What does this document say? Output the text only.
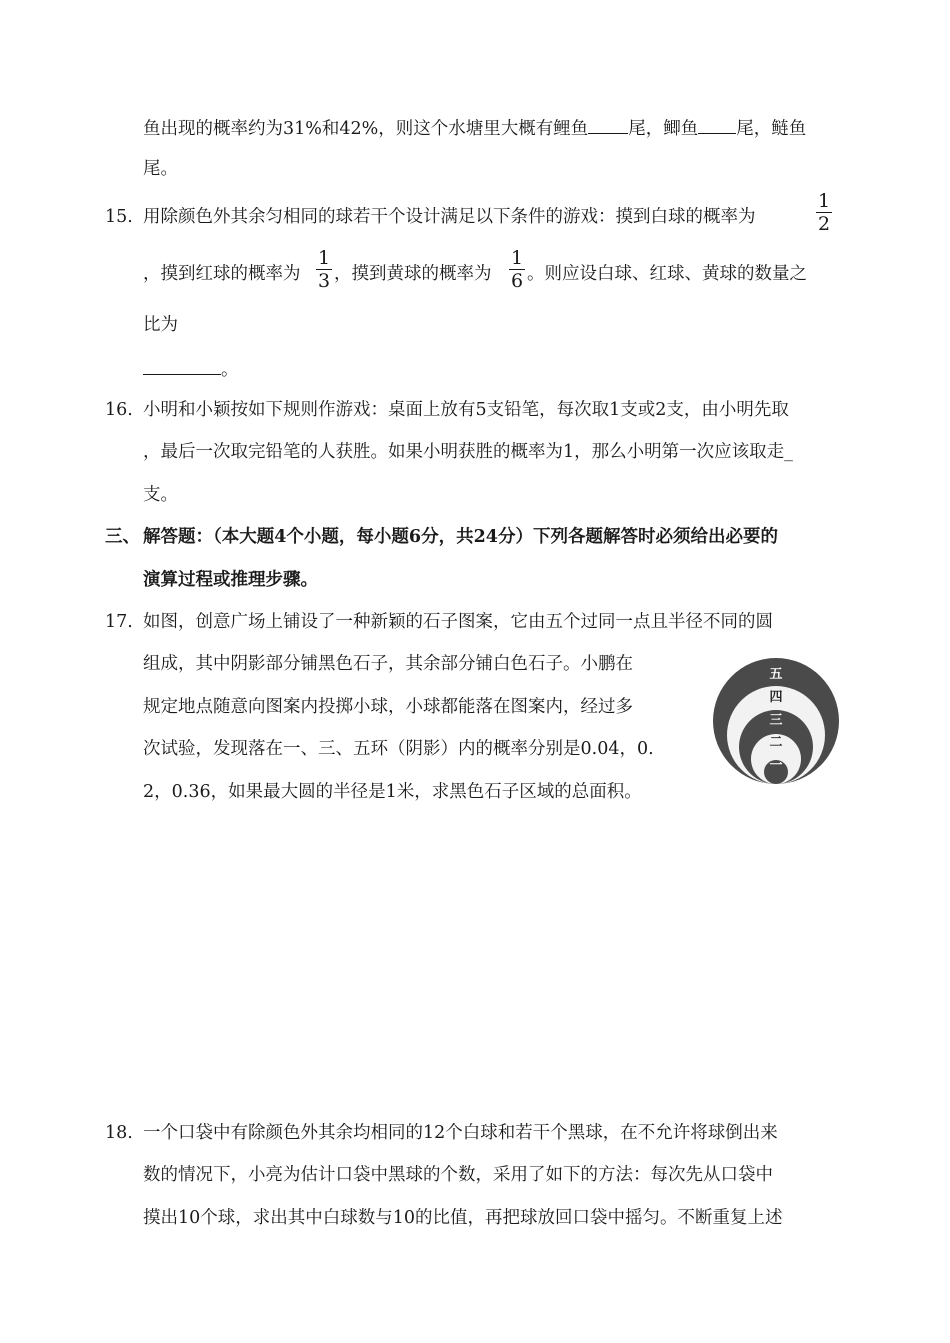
鱼出现的概率约为31%和42%，则这个水塘里大概有鲤鱼 尾，鲫鱼 尾，鲢鱼
尾。
15. 用除颜色外其余匀相同的球若干个设计满足以下条件的游戏：摸到白球的概率为	$\frac{1}{2}$
，摸到红球的概率为 $\frac{1}{3}$ ，摸到黄球的概率为 $\frac{1}{6}$ 。则应设白球、红球、黄球的数量之
比为
。
16. 小明和小颖按如下规则作游戏：桌面上放有5支铅笔，每次取1支或2支，由小明先取
，最后一次取完铅笔的人获胜。如果小明获胜的概率为1，那么小明第一次应该取走_
支。
三、 解答题：（本大题4个小题，每小题6分，共24分）下列各题解答时必须给出必要的
演算过程或推理步骤。
17. 如图，创意广场上铺设了一种新颖的石子图案，它由五个过同一点且半径不同的圆
组成，其中阴影部分铺黑色石子，其余部分铺白色石子。小鹏在
规定地点随意向图案内投掷小球，小球都能落在图案内，经过多
次试验，发现落在一、三、五环（阴影）内的概率分别是0.04，0.
2，0.36，如果最大圆的半径是1米，求黑色石子区域的总面积。
五
四
三
二
一
18. 一个口袋中有除颜色外其余均相同的12个白球和若干个黑球，在不允许将球倒出来
数的情况下，小亮为估计口袋中黑球的个数，采用了如下的方法：每次先从口袋中
摸出10个球，求出其中白球数与10的比值，再把球放回口袋中摇匀。不断重复上述
